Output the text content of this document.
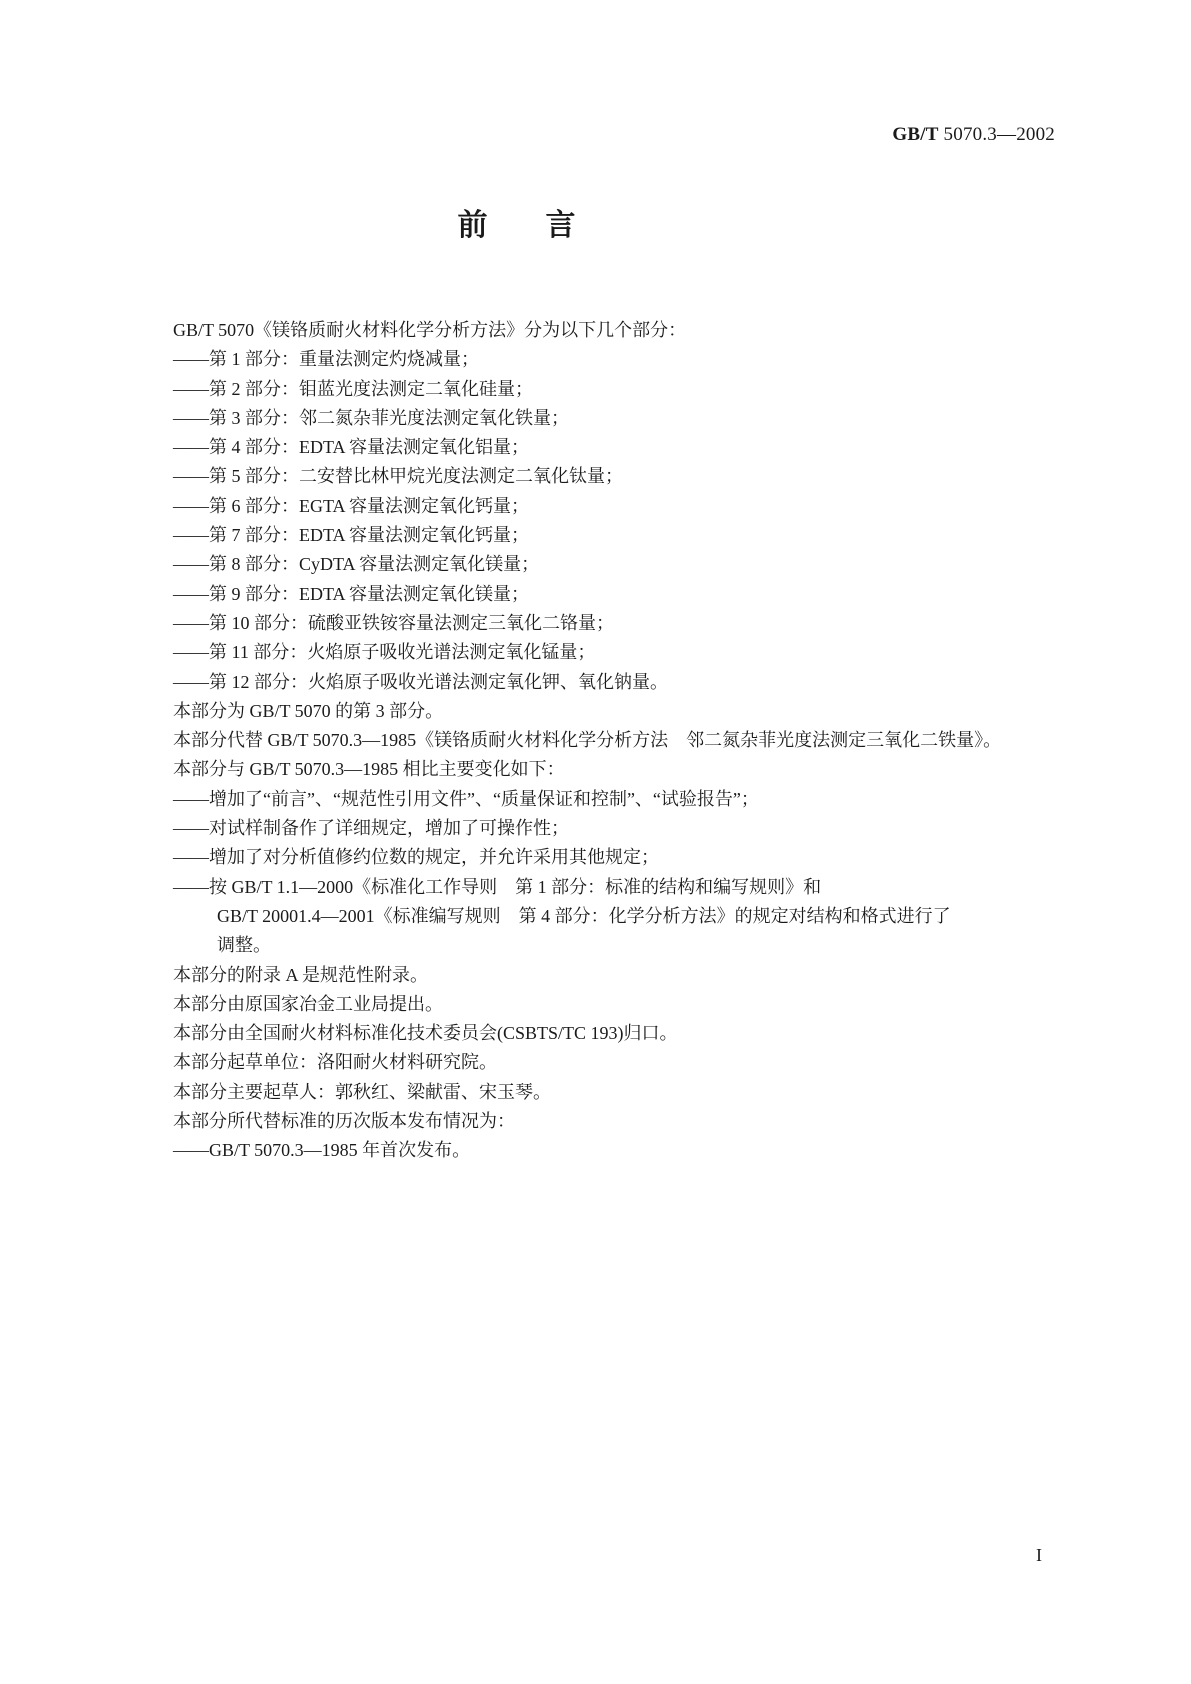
GB/T 5070.3—2002
前言
GB/T 5070《镁铬质耐火材料化学分析方法》分为以下几个部分：
——第 1 部分：重量法测定灼烧减量；
——第 2 部分：钼蓝光度法测定二氧化硅量；
——第 3 部分：邻二氮杂菲光度法测定氧化铁量；
——第 4 部分：EDTA 容量法测定氧化铝量；
——第 5 部分：二安替比林甲烷光度法测定二氧化钛量；
——第 6 部分：EGTA 容量法测定氧化钙量；
——第 7 部分：EDTA 容量法测定氧化钙量；
——第 8 部分：CyDTA 容量法测定氧化镁量；
——第 9 部分：EDTA 容量法测定氧化镁量；
——第 10 部分：硫酸亚铁铵容量法测定三氧化二铬量；
——第 11 部分：火焰原子吸收光谱法测定氧化锰量；
——第 12 部分：火焰原子吸收光谱法测定氧化钾、氧化钠量。
本部分为 GB/T 5070 的第 3 部分。
本部分代替 GB/T 5070.3—1985《镁铬质耐火材料化学分析方法　邻二氮杂菲光度法测定三氧化二铁量》。
本部分与 GB/T 5070.3—1985 相比主要变化如下：
——增加了“前言”、“规范性引用文件”、“质量保证和控制”、“试验报告”；
——对试样制备作了详细规定，增加了可操作性；
——增加了对分析值修约位数的规定，并允许采用其他规定；
——按 GB/T 1.1—2000《标准化工作导则　第 1 部分：标准的结构和编写规则》和
GB/T 20001.4—2001《标准编写规则　第 4 部分：化学分析方法》的规定对结构和格式进行了
调整。
本部分的附录 A 是规范性附录。
本部分由原国家冶金工业局提出。
本部分由全国耐火材料标准化技术委员会(CSBTS/TC 193)归口。
本部分起草单位：洛阳耐火材料研究院。
本部分主要起草人：郭秋红、梁献雷、宋玉琴。
本部分所代替标准的历次版本发布情况为：
——GB/T 5070.3—1985 年首次发布。
I
